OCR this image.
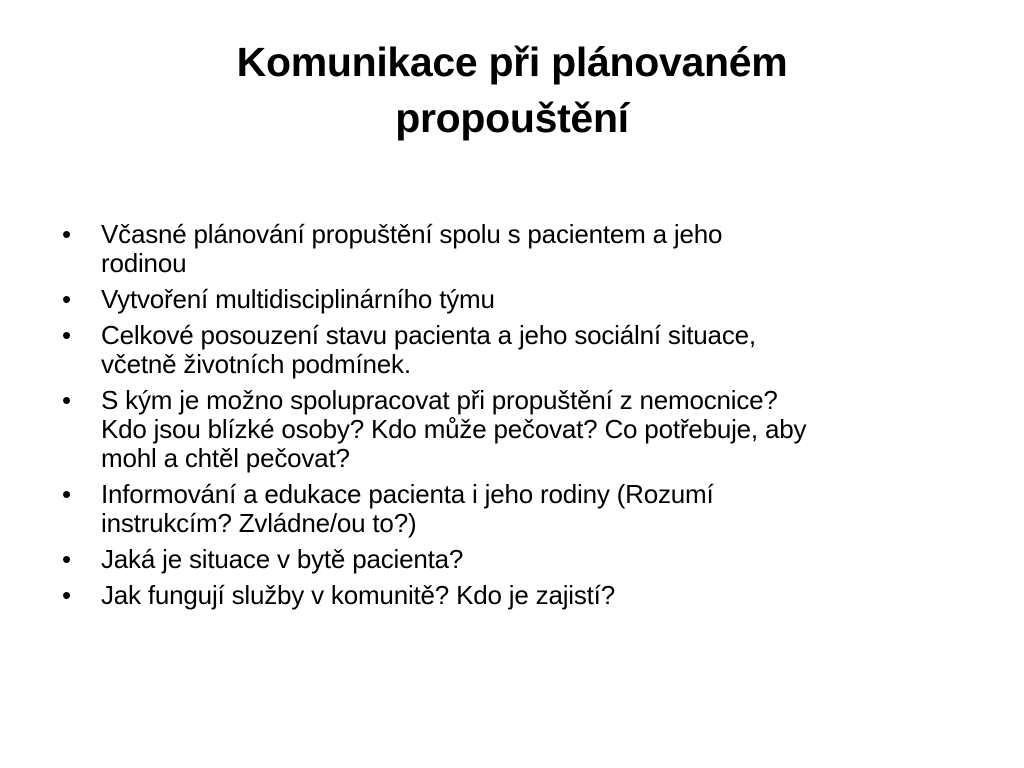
Komunikace při plánovaném
propouštění
• Včasné plánování propuštění spolu s pacientem a jeho
rodinou
• Vytvoření multidisciplinárního týmu
• Celkové posouzení stavu pacienta a jeho sociální situace,
včetně životních podmínek.
• S kým je možno spolupracovat při propuštění z nemocnice?
Kdo jsou blízké osoby? Kdo může pečovat? Co potřebuje, aby
mohl a chtěl pečovat?
• Informování a edukace pacienta i jeho rodiny (Rozumí
instrukcím? Zvládne/ou to?)
• Jaká je situace v bytě pacienta?
• Jak fungují služby v komunitě? Kdo je zajistí?
